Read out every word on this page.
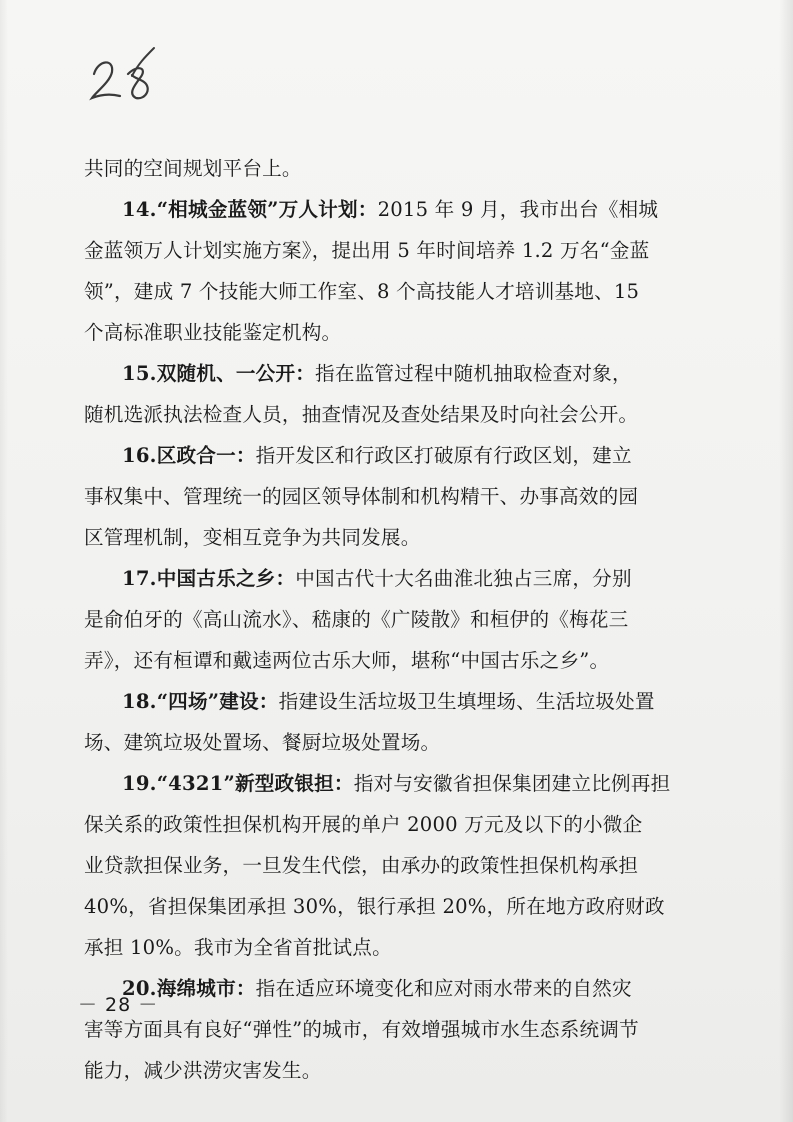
共同的空间规划平台上。
14.“相城金蓝领”万人计划：2015 年 9 月，我市出台《相城
金蓝领万人计划实施方案》，提出用 5 年时间培养 1.2 万名“金蓝
领”，建成 7 个技能大师工作室、8 个高技能人才培训基地、15
个高标准职业技能鉴定机构。
15.双随机、一公开：指在监管过程中随机抽取检查对象，
随机选派执法检查人员，抽查情况及查处结果及时向社会公开。
16.区政合一：指开发区和行政区打破原有行政区划，建立
事权集中、管理统一的园区领导体制和机构精干、办事高效的园
区管理机制，变相互竞争为共同发展。
17.中国古乐之乡：中国古代十大名曲淮北独占三席，分别
是俞伯牙的《高山流水》、嵇康的《广陵散》和桓伊的《梅花三
弄》，还有桓谭和戴逵两位古乐大师，堪称“中国古乐之乡”。
18.“四场”建设：指建设生活垃圾卫生填埋场、生活垃圾处置
场、建筑垃圾处置场、餐厨垃圾处置场。
19.“4321”新型政银担：指对与安徽省担保集团建立比例再担
保关系的政策性担保机构开展的单户 2000 万元及以下的小微企
业贷款担保业务，一旦发生代偿，由承办的政策性担保机构承担
40%，省担保集团承担 30%，银行承担 20%，所在地方政府财政
承担 10%。我市为全省首批试点。
20.海绵城市：指在适应环境变化和应对雨水带来的自然灾
害等方面具有良好“弹性”的城市，有效增强城市水生态系统调节
能力，减少洪涝灾害发生。
－ 28 －
